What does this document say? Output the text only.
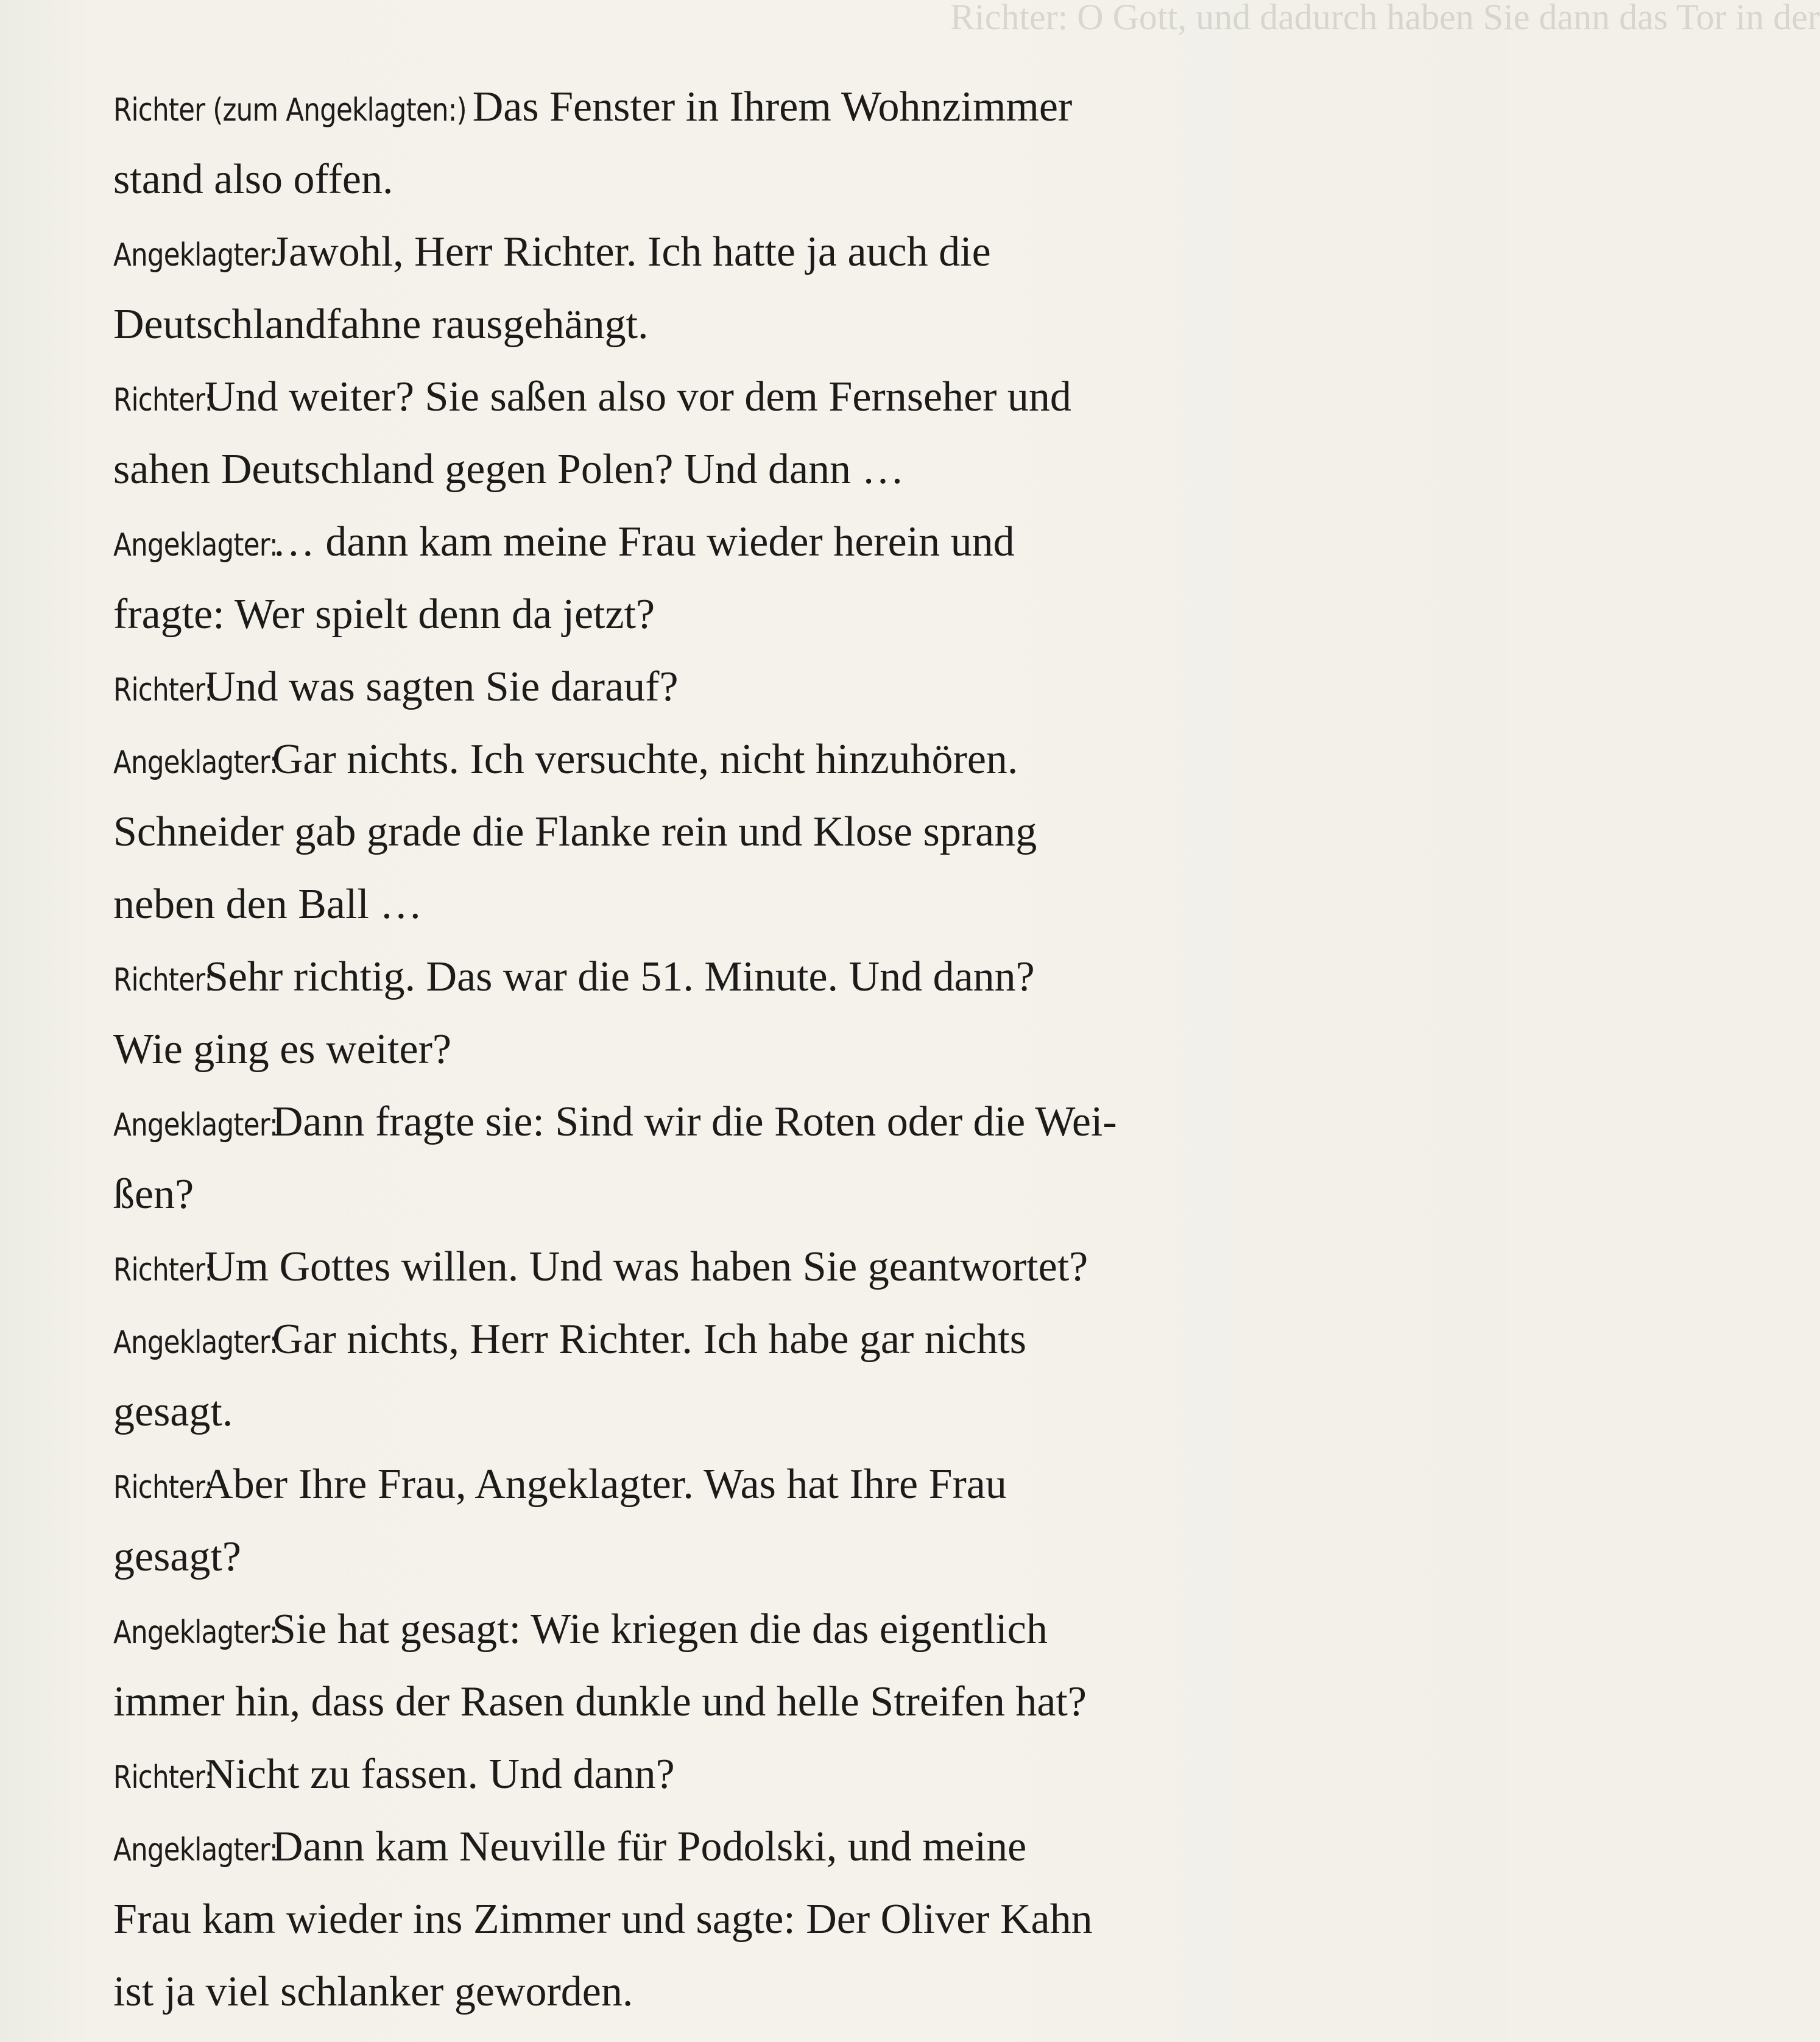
Richter: O Gott, und dadurch haben Sie dann das Tor in der
Richter (zum Angeklagten:) Das Fenster in Ihrem Wohnzimmer
stand also offen.
Angeklagter: Jawohl, Herr Richter. Ich hatte ja auch die
Deutschlandfahne rausgehängt.
Richter: Und weiter? Sie saßen also vor dem Fernseher und
sahen Deutschland gegen Polen? Und dann …
Angeklagter: … dann kam meine Frau wieder herein und
fragte: Wer spielt denn da jetzt?
Richter: Und was sagten Sie darauf?
Angeklagter: Gar nichts. Ich versuchte, nicht hinzuhören.
Schneider gab grade die Flanke rein und Klose sprang
neben den Ball …
Richter: Sehr richtig. Das war die 51. Minute. Und dann?
Wie ging es weiter?
Angeklagter: Dann fragte sie: Sind wir die Roten oder die Wei-
ßen?
Richter: Um Gottes willen. Und was haben Sie geantwortet?
Angeklagter: Gar nichts, Herr Richter. Ich habe gar nichts
gesagt.
Richter: Aber Ihre Frau, Angeklagter. Was hat Ihre Frau
gesagt?
Angeklagter: Sie hat gesagt: Wie kriegen die das eigentlich
immer hin, dass der Rasen dunkle und helle Streifen hat?
Richter: Nicht zu fassen. Und dann?
Angeklagter: Dann kam Neuville für Podolski, und meine
Frau kam wieder ins Zimmer und sagte: Der Oliver Kahn
ist ja viel schlanker geworden.
